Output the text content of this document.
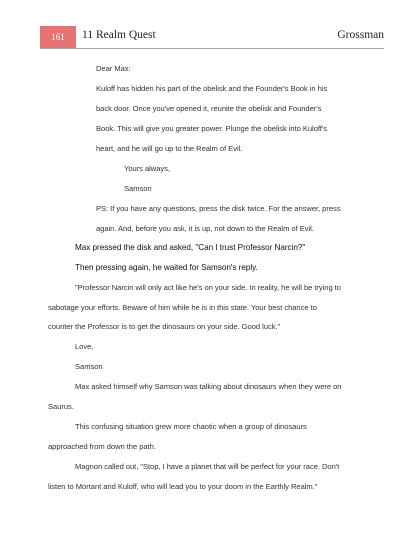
161 11 Realm Quest	Grossman
Dear Max:
Kuloff has hidden his part of the obelisk and the Founder's Book in his
back door. Once you've opened it, reunite the obelisk and Founder's
Book. This will give you greater power. Plunge the obelisk into Kuloff's
heart, and he will go up to the Realm of Evil.
Yours always,
Samson
PS: If you have any questions, press the disk twice. For the answer, press
again. And, before you ask, it is up, not down to the Realm of Evil.
Max pressed the disk and asked, "Can I trust Professor Narcin?"
Then pressing again, he waited for Samson's reply.
"Professor Narcin will only act like he's on your side. In reality, he will be trying to
sabotage your efforts. Beware of him while he is in this state. Your best chance to
counter the Professor is to get the dinosaurs on your side. Good luck."
Love,
Samson
Max asked himself why Samson was talking about dinosaurs when they were on
Saurus.
This confusing situation grew more chaotic when a group of dinosaurs
approached from down the path.
Magnon called out, "Stop, I have a planet that will be perfect for your race. Don't
listen to Mortant and Kuloff, who will lead you to your doom in the Earthly Realm."
